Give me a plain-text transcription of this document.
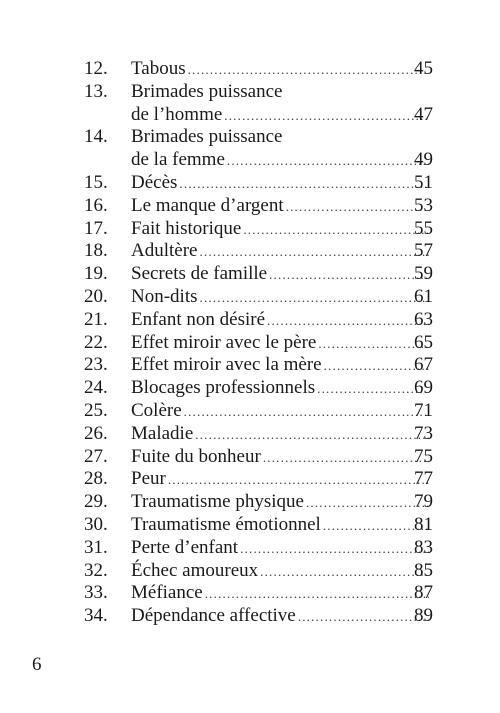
12.	Tabous .....	45
13.	Brimades puissance
de l’homme .....	47
14.	Brimades puissance
de la femme .....	49
15.	Décès .....	51
16.	Le manque d’argent .....	53
17.	Fait historique .....	55
18.	Adultère .....	57
19.	Secrets de famille .....	59
20.	Non-dits .....	61
21.	Enfant non désiré .....	63
22.	Effet miroir avec le père .....	65
23.	Effet miroir avec la mère .....	67
24.	Blocages professionnels .....	69
25.	Colère .....	71
26.	Maladie .....	73
27.	Fuite du bonheur .....	75
28.	Peur .....	77
29.	Traumatisme physique .....	79
30.	Traumatisme émotionnel .....	81
31.	Perte d’enfant .....	83
32.	Échec amoureux .....	85
33.	Méfiance .....	87
34.	Dépendance affective .....	89
6
